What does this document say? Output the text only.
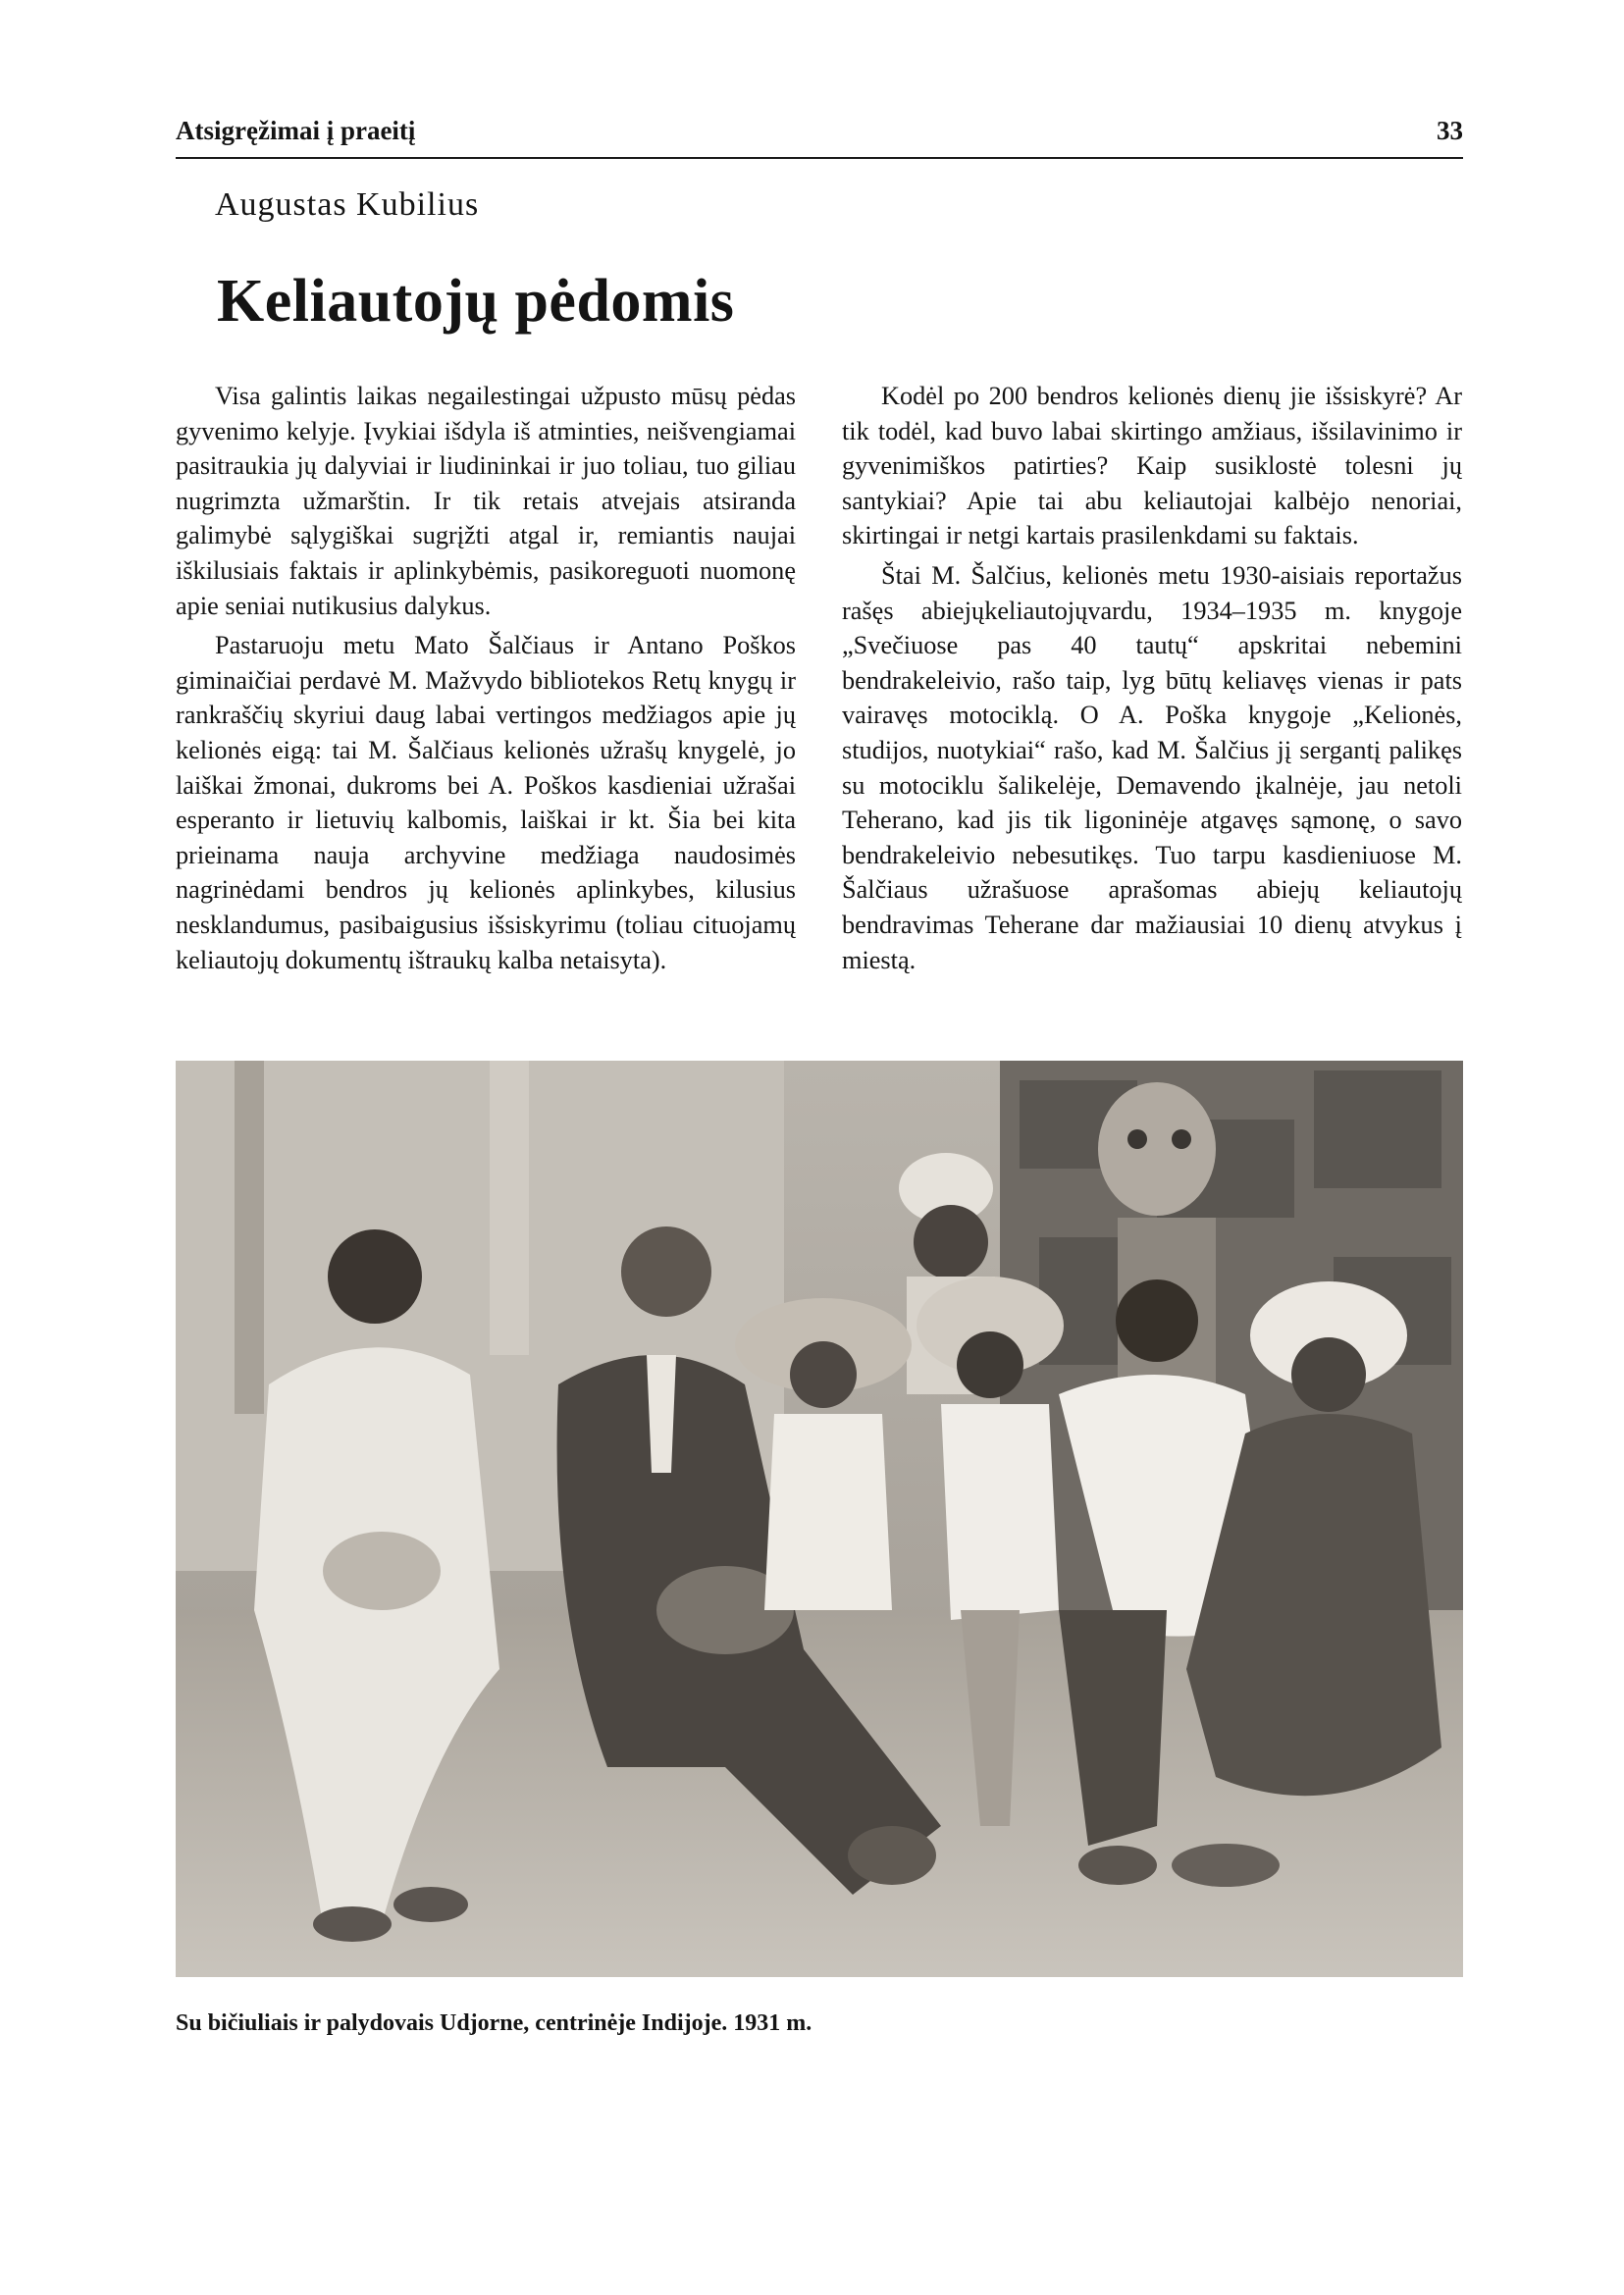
Atsigręžimai į praeitį	33
Augustas Kubilius
Keliautojų pėdomis

Visa galintis laikas negailestingai užpusto mūsų pėdas gyvenimo kelyje. Įvykiai išdyla iš atminties, neišvengiamai pasitraukia jų dalyviai ir liudininkai ir juo toliau, tuo giliau nugrimzta užmarštin. Ir tik retais atvejais atsiranda galimybė sąlygiškai sugrįžti atgal ir, remiantis naujai iškilusiais faktais ir aplinkybėmis, pasikoreguoti nuomonę apie seniai nutikusius dalykus.

Pastaruoju metu Mato Šalčiaus ir Antano Poškos giminaičiai perdavė M. Mažvydo bibliotekos Retų knygų ir rankraščių skyriui daug labai vertingos medžiagos apie jų kelionės eigą: tai M. Šalčiaus kelionės užrašų knygelė, jo laiškai žmonai, dukroms bei A. Poškos kasdieniai užrašai esperanto ir lietuvių kalbomis, laiškai ir kt. Šia bei kita prieinama nauja archyvine medžiaga naudosimės nagrinėdami bendros jų kelionės aplinkybes, kilusius nesklandumus, pasibaigusius išsiskyrimu (toliau cituojamų keliautojų dokumentų ištraukų kalba netaisyta).

Kodėl po 200 bendros kelionės dienų jie išsiskyrė? Ar tik todėl, kad buvo labai skirtingo amžiaus, išsilavinimo ir gyvenimiškos patirties? Kaip susiklostė tolesni jų santykiai? Apie tai abu keliautojai kalbėjo nenoriai, skirtingai ir netgi kartais prasilenkdami su faktais.

Štai M. Šalčius, kelionės metu 1930-aisiais reportažus rašęs abiejųkeliautojųvardu, 1934–1935 m. knygoje „Svečiuose pas 40 tautų“ apskritai nebemini bendrakeleivio, rašo taip, lyg būtų keliavęs vienas ir pats vairavęs motociklą. O A. Poška knygoje „Kelionės, studijos, nuotykiai“ rašo, kad M. Šalčius jį sergantį palikęs su motociklu šalikelėje, Demavendo įkalnėje, jau netoli Teherano, kad jis tik ligoninėje atgavęs sąmonę, o savo bendrakeleivio nebesutikęs. Tuo tarpu kasdieniuose M. Šalčiaus užrašuose aprašomas abiejų keliautojų bendravimas Teherane dar mažiausiai 10 dienų atvykus į miestą.

Su bičiuliais ir palydovais Udjorne, centrinėje Indijoje. 1931 m.
